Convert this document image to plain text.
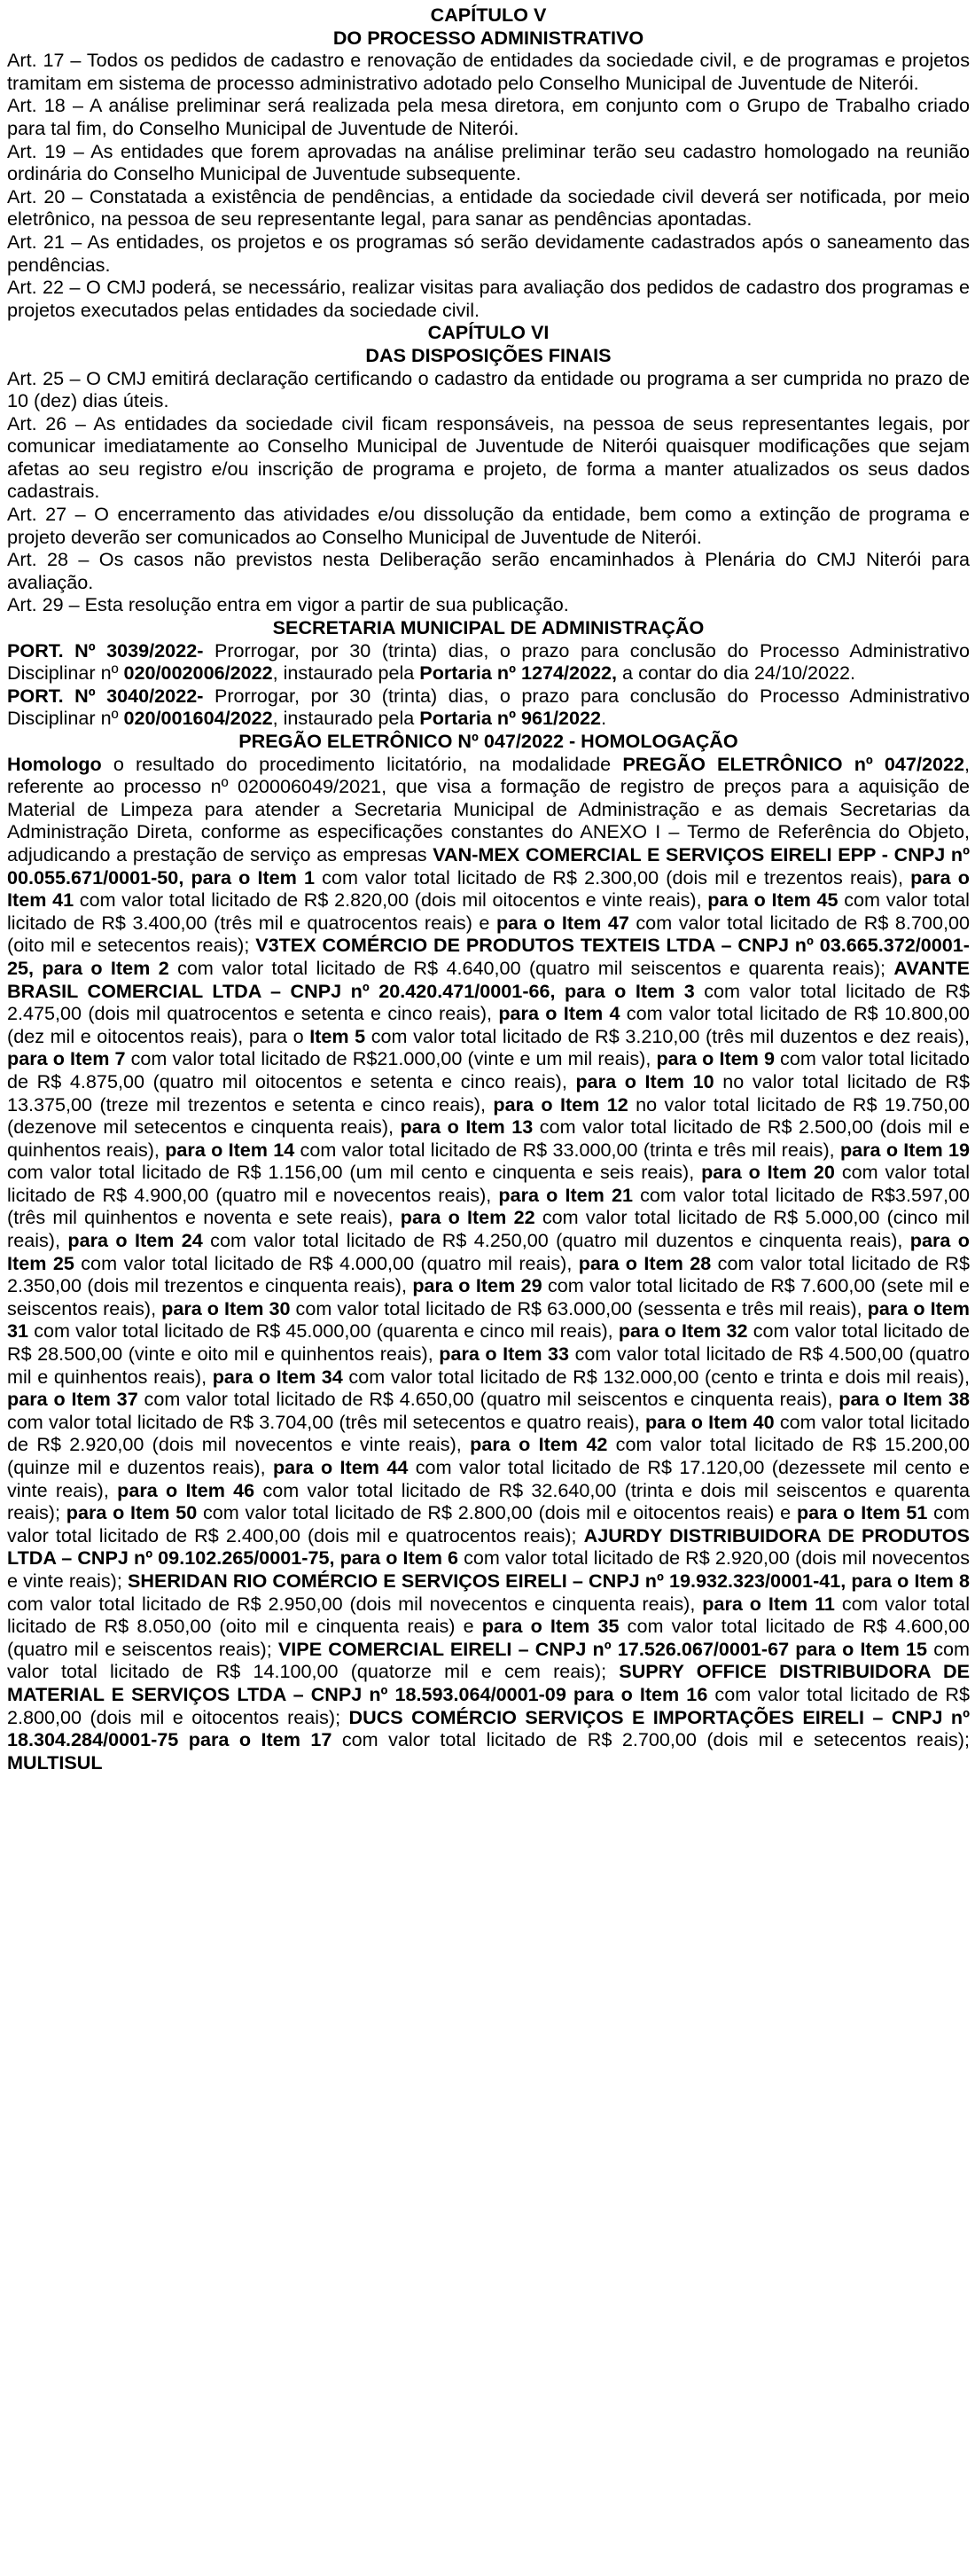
CAPÍTULO V

DO PROCESSO ADMINISTRATIVO

Art. 17 – Todos os pedidos de cadastro e renovação de entidades da sociedade civil, e de programas e projetos tramitam em sistema de processo administrativo adotado pelo Conselho Municipal de Juventude de Niterói.

Art. 18 – A análise preliminar será realizada pela mesa diretora, em conjunto com o Grupo de Trabalho criado para tal fim, do Conselho Municipal de Juventude de Niterói.

Art. 19 – As entidades que forem aprovadas na análise preliminar terão seu cadastro homologado na reunião ordinária do Conselho Municipal de Juventude subsequente.

Art. 20 – Constatada a existência de pendências, a entidade da sociedade civil deverá ser notificada, por meio eletrônico, na pessoa de seu representante legal, para sanar as pendências apontadas.

Art. 21 – As entidades, os projetos e os programas só serão devidamente cadastrados após o saneamento das pendências.

Art. 22 – O CMJ poderá, se necessário, realizar visitas para avaliação dos pedidos de cadastro dos programas e projetos executados pelas entidades da sociedade civil.

CAPÍTULO VI

DAS DISPOSIÇÕES FINAIS

Art. 25 – O CMJ emitirá declaração certificando o cadastro da entidade ou programa a ser cumprida no prazo de 10 (dez) dias úteis.

Art. 26 – As entidades da sociedade civil ficam responsáveis, na pessoa de seus representantes legais, por comunicar imediatamente ao Conselho Municipal de Juventude de Niterói quaisquer modificações que sejam afetas ao seu registro e/ou inscrição de programa e projeto, de forma a manter atualizados os seus dados cadastrais.

Art. 27 – O encerramento das atividades e/ou dissolução da entidade, bem como a extinção de programa e projeto deverão ser comunicados ao Conselho Municipal de Juventude de Niterói.

Art. 28 – Os casos não previstos nesta Deliberação serão encaminhados à Plenária do CMJ Niterói para avaliação.

Art. 29 – Esta resolução entra em vigor a partir de sua publicação.

SECRETARIA MUNICIPAL DE ADMINISTRAÇÃO

PORT. Nº 3039/2022- Prorrogar, por 30 (trinta) dias, o prazo para conclusão do Processo Administrativo Disciplinar nº 020/002006/2022, instaurado pela Portaria nº 1274/2022, a contar do dia 24/10/2022.

PORT. Nº 3040/2022- Prorrogar, por 30 (trinta) dias, o prazo para conclusão do Processo Administrativo Disciplinar nº 020/001604/2022, instaurado pela Portaria nº 961/2022.

PREGÃO ELETRÔNICO Nº 047/2022 - HOMOLOGAÇÃO

Homologo o resultado do procedimento licitatório, na modalidade PREGÃO ELETRÔNICO nº 047/2022, referente ao processo nº 020006049/2021, que visa a formação de registro de preços para a aquisição de Material de Limpeza para atender a Secretaria Municipal de Administração e as demais Secretarias da Administração Direta, conforme as especificações constantes do ANEXO I – Termo de Referência do Objeto, adjudicando a prestação de serviço as empresas VAN-MEX COMERCIAL E SERVIÇOS EIRELI EPP - CNPJ nº 00.055.671/0001-50, para o Item 1 com valor total licitado de R$ 2.300,00 (dois mil e trezentos reais), para o Item 41 com valor total licitado de R$ 2.820,00 (dois mil oitocentos e vinte reais), para o Item 45 com valor total licitado de R$ 3.400,00 (três mil e quatrocentos reais) e para o Item 47 com valor total licitado de R$ 8.700,00 (oito mil e setecentos reais); V3TEX COMÉRCIO DE PRODUTOS TEXTEIS LTDA – CNPJ nº 03.665.372/0001-25, para o Item 2 com valor total licitado de R$ 4.640,00 (quatro mil seiscentos e quarenta reais); AVANTE BRASIL COMERCIAL LTDA – CNPJ nº 20.420.471/0001-66, para o Item 3 com valor total licitado de R$ 2.475,00 (dois mil quatrocentos e setenta e cinco reais), para o Item 4 com valor total licitado de R$ 10.800,00 (dez mil e oitocentos reais), para o Item 5 com valor total licitado de R$ 3.210,00 (três mil duzentos e dez reais), para o Item 7 com valor total licitado de R$21.000,00 (vinte e um mil reais), para o Item 9 com valor total licitado de R$ 4.875,00 (quatro mil oitocentos e setenta e cinco reais), para o Item 10 no valor total licitado de R$ 13.375,00 (treze mil trezentos e setenta e cinco reais), para o Item 12 no valor total licitado de R$ 19.750,00 (dezenove mil setecentos e cinquenta reais), para o Item 13 com valor total licitado de R$ 2.500,00 (dois mil e quinhentos reais), para o Item 14 com valor total licitado de R$ 33.000,00 (trinta e três mil reais), para o Item 19 com valor total licitado de R$ 1.156,00 (um mil cento e cinquenta e seis reais), para o Item 20 com valor total licitado de R$ 4.900,00 (quatro mil e novecentos reais), para o Item 21 com valor total licitado de R$3.597,00 (três mil quinhentos e noventa e sete reais), para o Item 22 com valor total licitado de R$ 5.000,00 (cinco mil reais), para o Item 24 com valor total licitado de R$ 4.250,00 (quatro mil duzentos e cinquenta reais), para o Item 25 com valor total licitado de R$ 4.000,00 (quatro mil reais), para o Item 28 com valor total licitado de R$ 2.350,00 (dois mil trezentos e cinquenta reais), para o Item 29 com valor total licitado de R$ 7.600,00 (sete mil e seiscentos reais), para o Item 30 com valor total licitado de R$ 63.000,00 (sessenta e três mil reais), para o Item 31 com valor total licitado de R$ 45.000,00 (quarenta e cinco mil reais), para o Item 32 com valor total licitado de R$ 28.500,00 (vinte e oito mil e quinhentos reais), para o Item 33 com valor total licitado de R$ 4.500,00 (quatro mil e quinhentos reais), para o Item 34 com valor total licitado de R$ 132.000,00 (cento e trinta e dois mil reais), para o Item 37 com valor total licitado de R$ 4.650,00 (quatro mil seiscentos e cinquenta reais), para o Item 38 com valor total licitado de R$ 3.704,00 (três mil setecentos e quatro reais), para o Item 40 com valor total licitado de R$ 2.920,00 (dois mil novecentos e vinte reais), para o Item 42 com valor total licitado de R$ 15.200,00 (quinze mil e duzentos reais), para o Item 44 com valor total licitado de R$ 17.120,00 (dezessete mil cento e vinte reais), para o Item 46 com valor total licitado de R$ 32.640,00 (trinta e dois mil seiscentos e quarenta reais); para o Item 50 com valor total licitado de R$ 2.800,00 (dois mil e oitocentos reais) e para o Item 51 com valor total licitado de R$ 2.400,00 (dois mil e quatrocentos reais); AJURDY DISTRIBUIDORA DE PRODUTOS LTDA – CNPJ nº 09.102.265/0001-75, para o Item 6 com valor total licitado de R$ 2.920,00 (dois mil novecentos e vinte reais); SHERIDAN RIO COMÉRCIO E SERVIÇOS EIRELI – CNPJ nº 19.932.323/0001-41, para o Item 8 com valor total licitado de R$ 2.950,00 (dois mil novecentos e cinquenta reais), para o Item 11 com valor total licitado de R$ 8.050,00 (oito mil e cinquenta reais) e para o Item 35 com valor total licitado de R$ 4.600,00 (quatro mil e seiscentos reais); VIPE COMERCIAL EIRELI – CNPJ nº 17.526.067/0001-67 para o Item 15 com valor total licitado de R$ 14.100,00 (quatorze mil e cem reais); SUPRY OFFICE DISTRIBUIDORA DE MATERIAL E SERVIÇOS LTDA – CNPJ nº 18.593.064/0001-09 para o Item 16 com valor total licitado de R$ 2.800,00 (dois mil e oitocentos reais); DUCS COMÉRCIO SERVIÇOS E IMPORTAÇÕES EIRELI – CNPJ nº 18.304.284/0001-75 para o Item 17 com valor total licitado de R$ 2.700,00 (dois mil e setecentos reais); MULTISUL
